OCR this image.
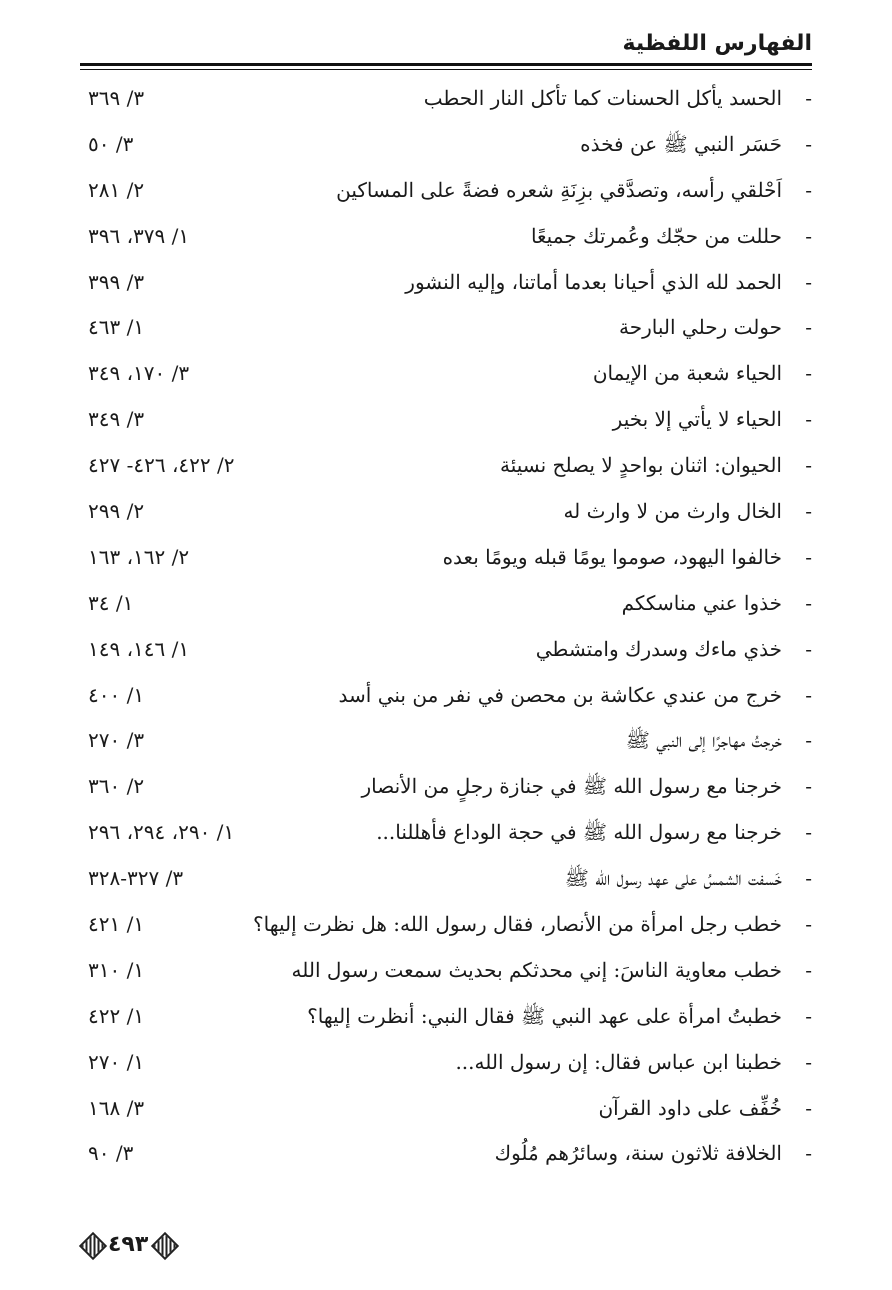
الفهارس اللفظية
-
الحسد يأكل الحسنات كما تأكل النار الحطب
٣/ ٣٦٩
-
حَسَر النبي ﷺ عن فخذه
٣/ ٥٠
-
اَحْلقي رأسه، وتصدَّقي بزِنَةِ شعره فضةً على المساكين
٢/ ٢٨١
-
حللت من حجّك وعُمرتك جميعًا
١/ ٣٧٩، ٣٩٦
-
الحمد لله الذي أحيانا بعدما أماتنا، وإليه النشور
٣/ ٣٩٩
-
حولت رحلي البارحة
١/ ٤٦٣
-
الحياء شعبة من الإيمان
٣/ ١٧٠، ٣٤٩
-
الحياء لا يأتي إلا بخير
٣/ ٣٤٩
-
الحيوان: اثنان بواحدٍ لا يصلح نسيئة
٢/ ٤٢٢، ٤٢٦- ٤٢٧
-
الخال وارث من لا وارث له
٢/ ٢٩٩
-
خالفوا اليهود، صوموا يومًا قبله ويومًا بعده
٢/ ١٦٢، ١٦٣
-
خذوا عني مناسككم
١/ ٣٤
-
خذي ماءك وسدرك وامتشطي
١/ ١٤٦، ١٤٩
-
خرج من عندي عكاشة بن محصن في نفر من بني أسد
١/ ٤٠٠
-
خرجتُ مهاجرًا إلى النبي ﷺ
٣/ ٢٧٠
-
خرجنا مع رسول الله ﷺ في جنازة رجلٍ من الأنصار
٢/ ٣٦٠
-
خرجنا مع رسول الله ﷺ في حجة الوداع فأهللنا...
١/ ٢٩٠، ٢٩٤، ٢٩٦
-
خَسفت الشمسُ على عهد رسول الله ﷺ
٣/ ٣٢٧-٣٢٨
-
خطب رجل امرأة من الأنصار، فقال رسول الله: هل نظرت إليها؟
١/ ٤٢١
-
خطب معاوية الناسَ: إني محدثكم بحديث سمعت رسول الله
١/ ٣١٠
-
خطبتُ امرأة على عهد النبي ﷺ فقال النبي: أنظرت إليها؟
١/ ٤٢٢
-
خطبنا ابن عباس فقال: إن رسول الله...
١/ ٢٧٠
-
خُفِّف على داود القرآن
٣/ ١٦٨
-
الخلافة ثلاثون سنة، وسائرُهم مُلُوك
٣/ ٩٠
٤٩٣
